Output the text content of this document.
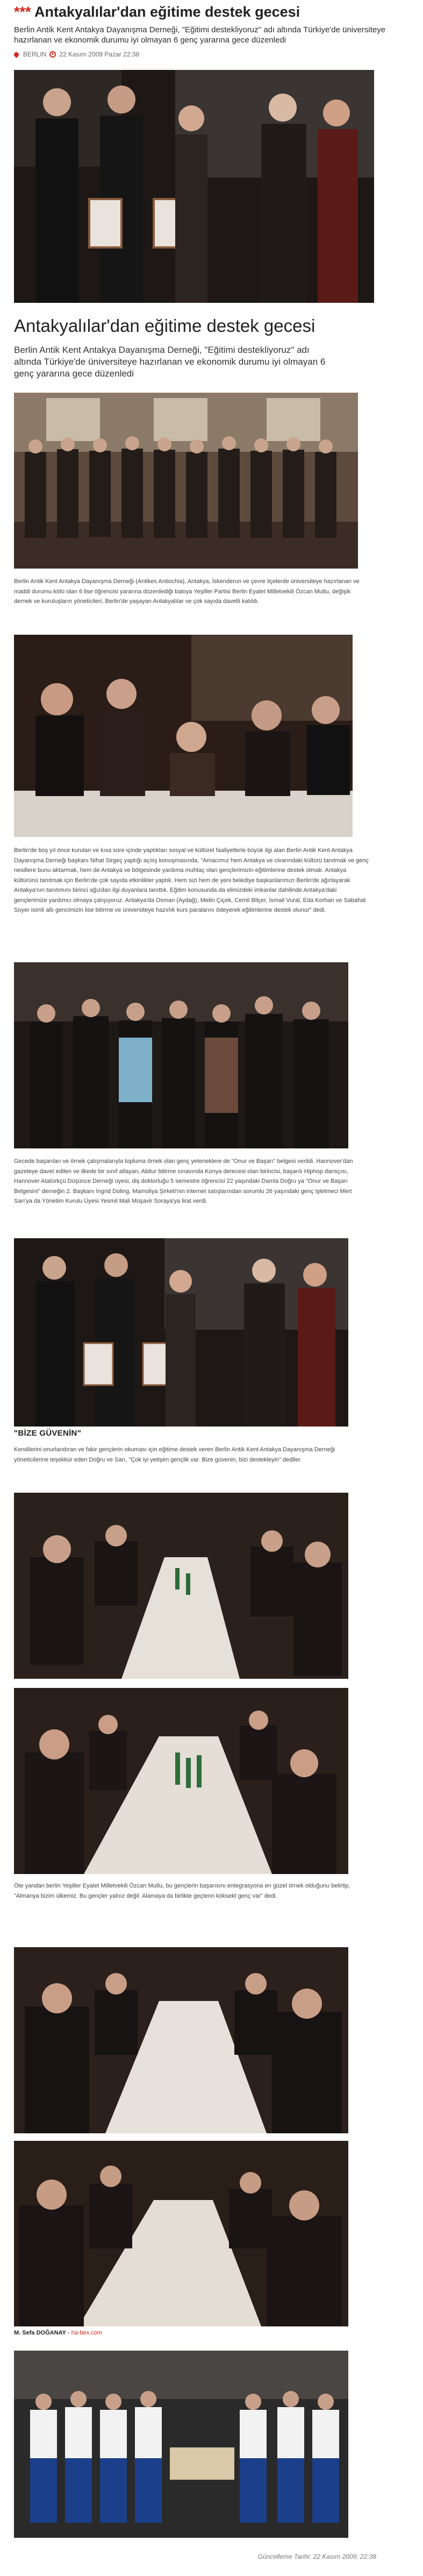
*** Antakyalılar'dan eğitime destek gecesi

Berlin Antik Kent Antakya Dayanışma Derneği, "Eğitimi destekliyoruz" adı altında Türkiye'de üniversiteye hazırlanan ve ekonomik durumu iyi olmayan 6 genç yararına gece düzenledi

BERLIN 22 Kasım 2009 Pazar 22:38
Antakyalılar'dan eğitime destek gecesi

Berlin Antik Kent Antakya Dayanışma Derneği, "Eğitimi destekliyoruz" adı altında Türkiye'de üniversiteye hazırlanan ve ekonomik durumu iyi olmayan 6 genç yararına gece düzenledi

Berlin Antik Kent Antakya Dayanışma Derneği (Antikes Antiochia), Antakya, İskenderun ve çevre ilçelerde üniversiteye hazırlanan ve maddi durumu kötü olan 6 lise öğrencisi yararına düzenlediği baloya Yeşiller Partisi Berlin Eyalet Milletvekili Özcan Mutlu, değişik dernek ve kuruluşların yöneticileri, Berlin'de yaşayan Antakyalılar ve çok sayıda davetli katıldı.

Berlin'de boş yıl önce kurulan ve kısa süre içinde yaptıkları sosyal ve kültürel faaliyetlerle büyük ilgi alan Berlin Antik Kent Antakya Dayanışma Derneği başkanı Nihat Sirgeç yaptığı açılış konuşmasında, "Amacımız hem Antakya ve civarındaki kültürü tanıtmak ve genç nesillere bunu aktarmak, hem de Antakya ve bölgesinde yardıma muhtaç olan gençlerimizin eğitimlerine destek olmak. Antakya kültürünü tanıtmak için Berlin'de çok sayıda etkinlikler yaptık. Hem sizi hem de yeni belediye başkanlarımızı Berlin'de ağırlayarak Antakya'nın tanıtımını birinci ağızdan ilgi duyanlara tanıttık. Eğitim konusunda da elimizdeki imkanlar dahilinde Antakya'daki gençlerimize yardımcı olmaya çalışıyoruz. Antakya'da Osman (Aydağ), Metin Çiçek, Cemil Bilçer, İsmail Vural, Eda Korhan ve Sabahat Soyer isimli altı gencimizin lise bitirme ve üniversiteye hazırlık kurs paralarını ödeyerek eğitimlerine destek olunur" dedi.

Gecede başarıları ve örnek çalışmalarıyla topluma örnek olan genç yeteneklere de "Onur ve Başarı" belgesi verildi. Hannover'dan gazeteye davet edilen ve ilkede bir sınıf atlayan, Abitur bitirme sınavında Konya derecesi olan birincisi, başarılı Hiphop dansçısı, Hannover Atatürkçü Düşünce Derneği üyesi, diş doktorluğu 5 semestre öğrencisi 22 yaşındaki Damla Doğru ya "Onur ve Başarı Belgesini" derneğin 2. Başkanı İngrid Doling, Mamoliya Şirketi'nin internet satışlarından sorumlu 26 yaşındaki genç işletmeci Mert Sarı'ya da Yönetim Kurulu Üyesi Yesmil Mali Müşavir Soraya'ya lirat verdi.

"BİZE GÜVENİN"

Kendilerini onurlandıran ve fakir gençlerin okuması için eğitime destek veren Berlin Antik Kent Antakya Dayanışma Derneği yöneticilerine teşekkür eden Doğru ve Sarı, "Çok iyi yetişen gençlik var. Bize güvenin, bizi destekleyin" dediler.

Öte yandan berlin Yeşiller Eyalet Milletvekili Özcan Mutlu, bu gençlerin başarısını entegrasyona en güzel örnek olduğunu belirtip, "Almanya bizim ülkemiz. Bu gençler yalnız değil. Alamaya da birlikte geçtenn köksekt genç var" dedi.

M. Sefa DOĞANAY - ha-bex.com
Güncelleme Tarihi: 22 Kasım 2009, 22:38
